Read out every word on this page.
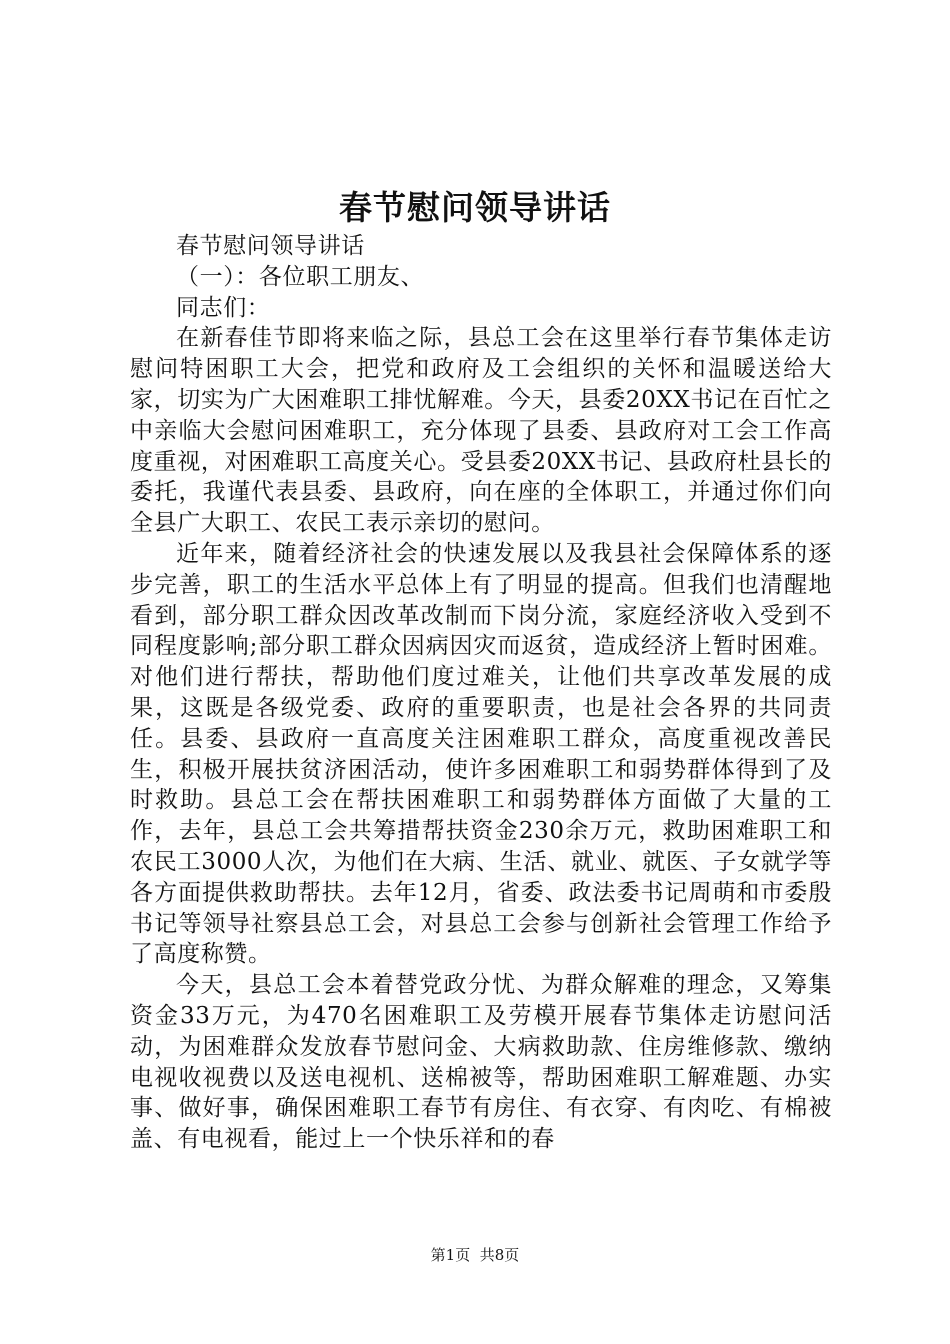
春节慰问领导讲话

春节慰问领导讲话

（一）：各位职工朋友、

同志们：

在新春佳节即将来临之际，县总工会在这里举行春节集体走访慰问特困职工大会，把党和政府及工会组织的关怀和温暖送给大家，切实为广大困难职工排忧解难。今天，县委20XX书记在百忙之中亲临大会慰问困难职工，充分体现了县委、县政府对工会工作高度重视，对困难职工高度关心。受县委20XX书记、县政府杜县长的委托，我谨代表县委、县政府，向在座的全体职工，并通过你们向全县广大职工、农民工表示亲切的慰问。

近年来，随着经济社会的快速发展以及我县社会保障体系的逐步完善，职工的生活水平总体上有了明显的提高。但我们也清醒地看到，部分职工群众因改革改制而下岗分流，家庭经济收入受到不同程度影响;部分职工群众因病因灾而返贫，造成经济上暂时困难。对他们进行帮扶，帮助他们度过难关，让他们共享改革发展的成果，这既是各级党委、政府的重要职责，也是社会各界的共同责任。县委、县政府一直高度关注困难职工群众，高度重视改善民生，积极开展扶贫济困活动，使许多困难职工和弱势群体得到了及时救助。县总工会在帮扶困难职工和弱势群体方面做了大量的工作，去年，县总工会共筹措帮扶资金230余万元，救助困难职工和农民工3000人次，为他们在大病、生活、就业、就医、子女就学等各方面提供救助帮扶。去年12月，省委、政法委书记周萌和市委殷书记等领导社察县总工会，对县总工会参与创新社会管理工作给予了高度称赞。

今天，县总工会本着替党政分忧、为群众解难的理念，又筹集资金33万元，为470名困难职工及劳模开展春节集体走访慰问活动，为困难群众发放春节慰问金、大病救助款、住房维修款、缴纳电视收视费以及送电视机、送棉被等，帮助困难职工解难题、办实事、做好事，确保困难职工春节有房住、有衣穿、有肉吃、有棉被盖、有电视看，能过上一个快乐祥和的春

第1页 共8页
